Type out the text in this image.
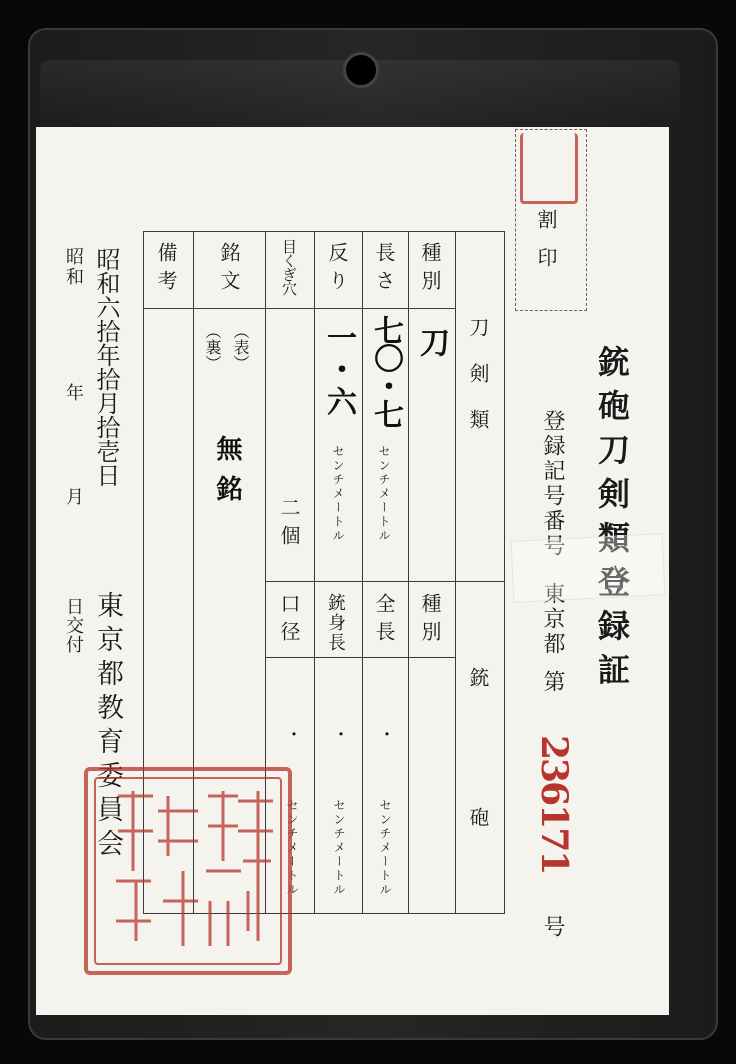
割印
銃砲刀剣類登録証
登録記号番号
東京都
第
236171
号
刀剣類
銃砲
種別
刀
長さ
七〇・七
センチメートル
反り
一・六
センチメートル
目くぎ穴
二個
銘文
（表）
（裏）
無銘
備考
種別
全長
・
センチメートル
銃身長
・
センチメートル
口径
・
センチメートル
昭和六拾年拾月拾壱日
昭和
年
月
日交付 東京都教育委員会
